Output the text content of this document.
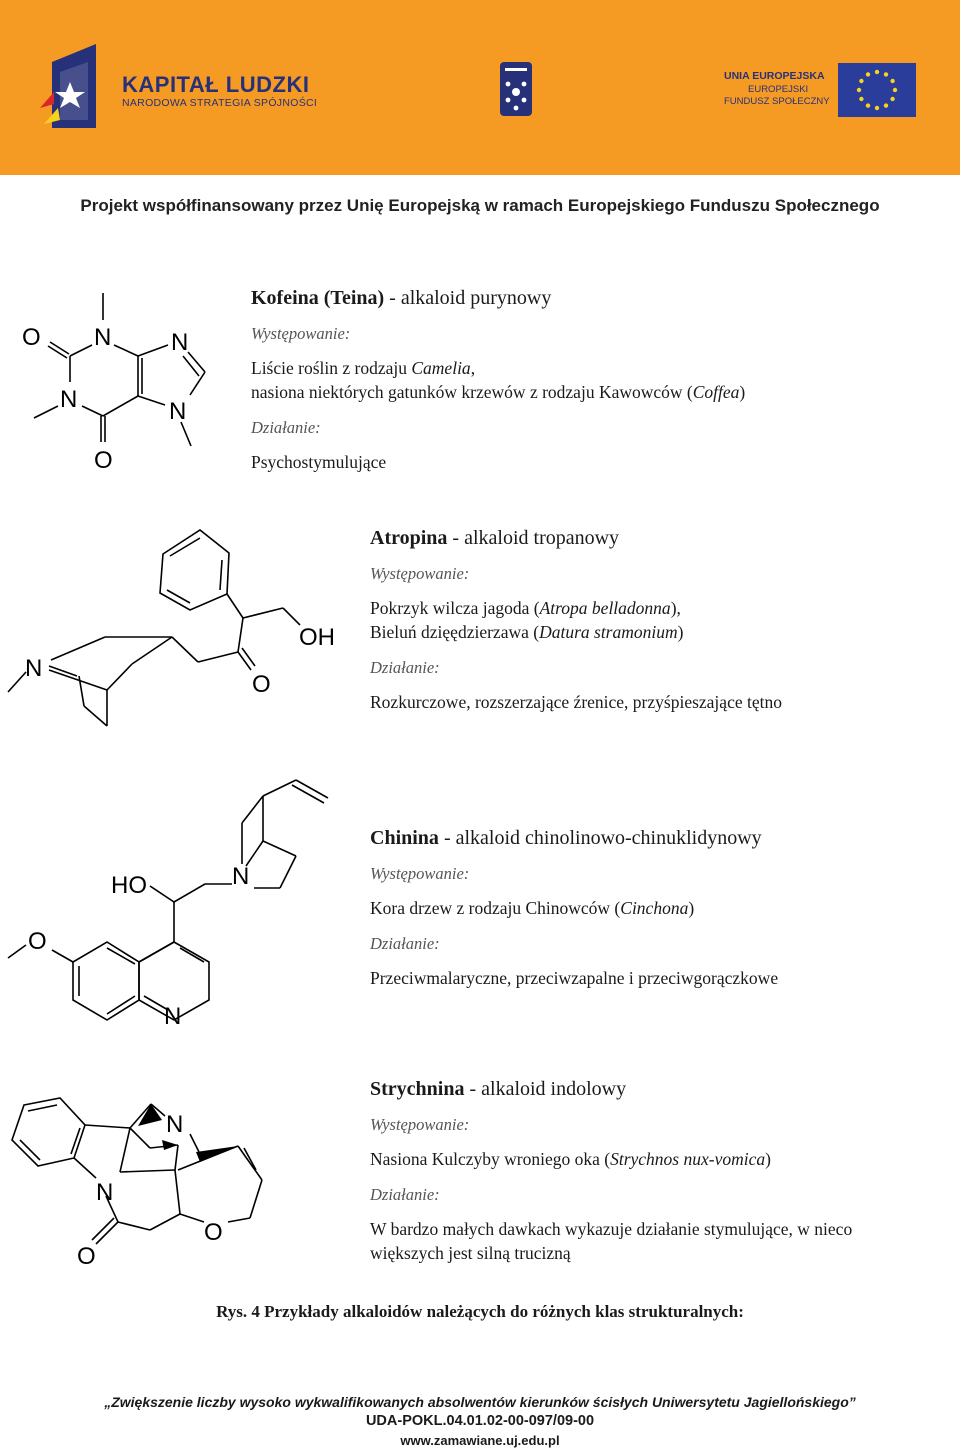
KAPITAŁ LUDZKI
NARODOWA STRATEGIA SPÓJNOŚCI
UNIA EUROPEJSKA
EUROPEJSKI
FUNDUSZ SPOŁECZNY
Projekt współfinansowany przez Unię Europejską w ramach Europejskiego Funduszu Społecznego
O N N
N	N
O
N
OH
O
HO	N
O
N
N
N
O
O

Kofeina (Teina) - alkaloid purynowy

Występowanie:
Liście roślin z rodzaju Camelia,
nasiona niektórych gatunków krzewów z rodzaju Kawowców (Coffea)
Działanie:
Psychostymulujące

Atropina - alkaloid tropanowy

Występowanie:
Pokrzyk wilcza jagoda (Atropa belladonna),
Bieluń dzięędzierzawa (Datura stramonium)
Działanie:
Rozkurczowe, rozszerzające źrenice, przyśpieszające tętno

Chinina - alkaloid chinolinowo-chinuklidynowy

Występowanie:
Kora drzew z rodzaju Chinowców (Cinchona)
Działanie:
Przeciwmalaryczne, przeciwzapalne i przeciwgorączkowe

Strychnina - alkaloid indolowy

Występowanie:
Nasiona Kulczyby wroniego oka (Strychnos nux-vomica)
Działanie:
W bardzo małych dawkach wykazuje działanie stymulujące, w nieco
większych jest silną trucizną
Rys. 4 Przykłady alkaloidów należących do różnych klas strukturalnych:
„Zwiększenie liczby wysoko wykwalifikowanych absolwentów kierunków ścisłych Uniwersytetu Jagiellońskiego”
UDA-POKL.04.01.02-00-097/09-00
www.zamawiane.uj.edu.pl
